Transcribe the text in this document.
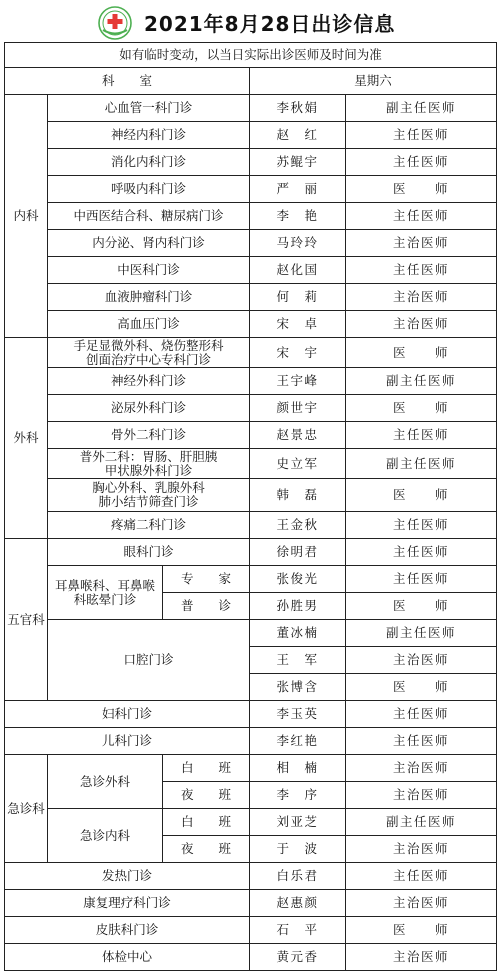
2021年8月28日出诊信息
如有临时变动，以当日实际出诊医师及时间为准				
科　　室			星期六	
内科	心血管一科门诊		李秋娟	副主任医师
	神经内科门诊		赵　红	主任医师
	消化内科门诊		苏鲲宇	主任医师
	呼吸内科门诊		严　丽	医　　师
	中西医结合科、糖尿病门诊		李　艳	主任医师
	内分泌、肾内科门诊		马玲玲	主治医师
	中医科门诊		赵化国	主任医师
	血液肿瘤科门诊		何　莉	主治医师
	高血压门诊		宋　卓	主治医师
外科	手足显微外科、烧伤整形科
创面治疗中心专科门诊		宋　宇	医　　师
	神经外科门诊		王宇峰	副主任医师
	泌尿外科门诊		颜世宇	医　　师
	骨外二科门诊		赵景忠	主任医师
	普外二科：胃肠、肝胆胰
甲状腺外科门诊		史立军	副主任医师
	胸心外科、乳腺外科
肺小结节筛查门诊		韩　磊	医　　师
	疼痛二科门诊		王金秋	主任医师
五官科	眼科门诊		徐明君	主任医师
	耳鼻喉科、耳鼻喉
科眩晕门诊	专　　家	张俊光	主任医师
		普　　诊	孙胜男	医　　师
	口腔门诊		董冰楠	副主任医师
			王　军	主治医师
			张博含	医　　师
妇科门诊			李玉英	主任医师
儿科门诊			李红艳	主任医师
急诊科	急诊外科	白　　班	相　楠	主治医师
		夜　　班	李　序	主治医师
	急诊内科	白　　班	刘亚芝	副主任医师
		夜　　班	于　波	主治医师
发热门诊			白乐君	主任医师
康复理疗科门诊			赵惠颜	主治医师
皮肤科门诊			石　平	医　　师
体检中心			黄元香	主治医师
